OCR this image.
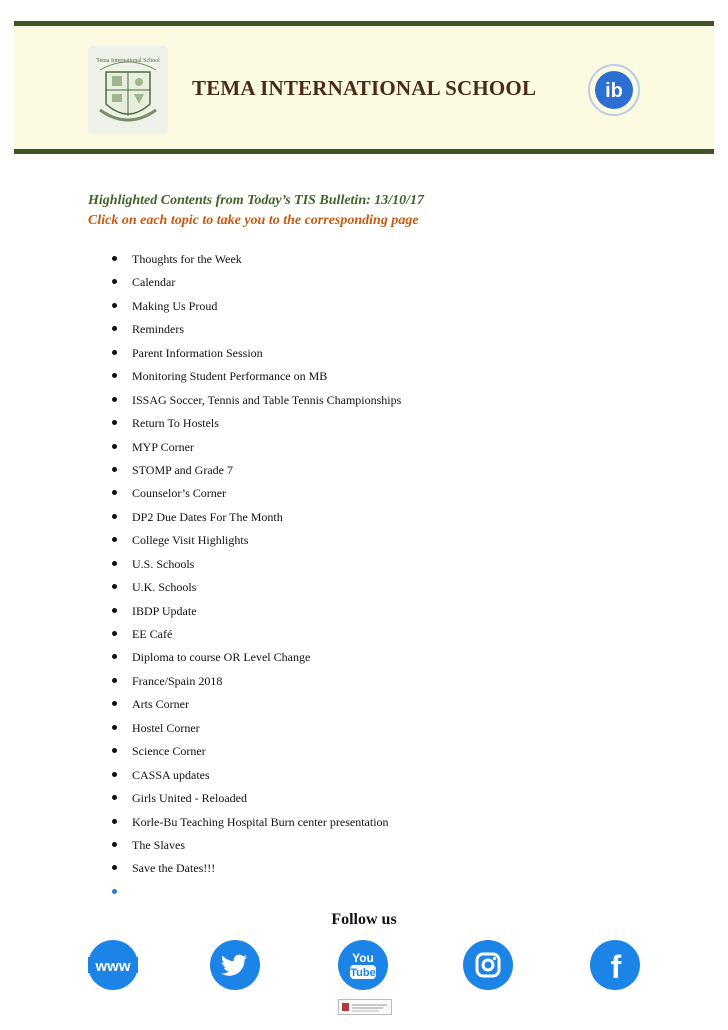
Tema International School
TEMA INTERNATIONAL SCHOOL	ib
Highlighted Contents from Today’s TIS Bulletin: 13/10/17
Click on each topic to take you to the corresponding page
Thoughts for the Week
Calendar
Making Us Proud
Reminders
Parent Information Session
Monitoring Student Performance on MB
ISSAG Soccer, Tennis and Table Tennis Championships
Return To Hostels
MYP Corner
STOMP and Grade 7
Counselor’s Corner
DP2 Due Dates For The Month
College Visit Highlights
U.S. Schools
U.K. Schools
IBDP Update
EE Café
Diploma to course OR Level Change
France/Spain 2018
Arts Corner
Hostel Corner
Science Corner
CASSA updates
Girls United - Reloaded
Korle-Bu Teaching Hospital Burn center presentation
The Slaves
Save the Dates!!!
Follow us
www	You
Tube	f
